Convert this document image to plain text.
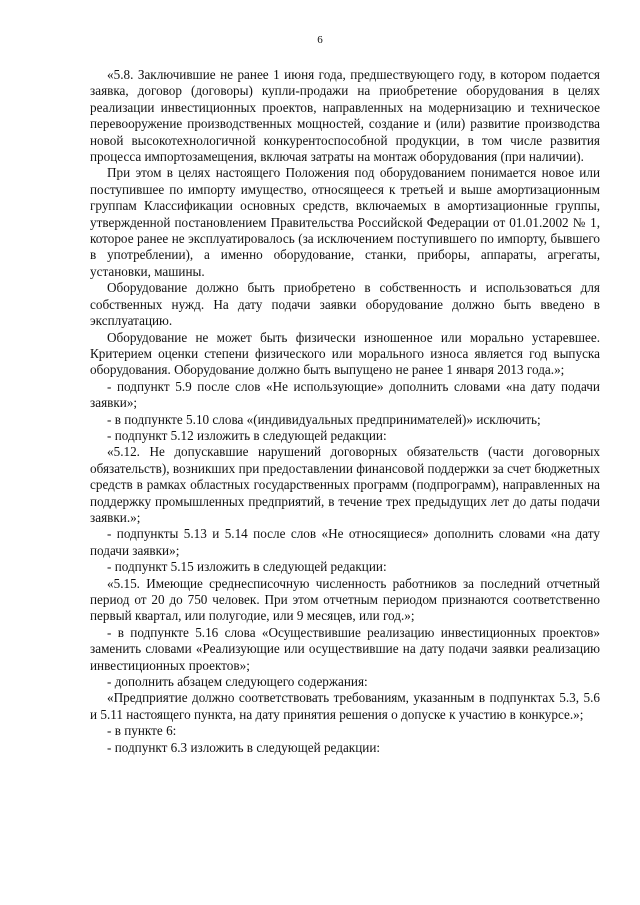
6

«5.8. Заключившие не ранее 1 июня года, предшествующего году, в котором подается заявка, договор (договоры) купли-продажи на приобретение оборудования в целях реализации инвестиционных проектов, направленных на модернизацию и техническое перевооружение производственных мощностей, создание и (или) развитие производства новой высокотехнологичной конкурентоспособной продукции, в том числе развития процесса импортозамещения, включая затраты на монтаж оборудования (при наличии).

При этом в целях настоящего Положения под оборудованием понимается новое или поступившее по импорту имущество, относящееся к третьей и выше амортизационным группам Классификации основных средств, включаемых в амортизационные группы, утвержденной постановлением Правительства Российской Федерации от 01.01.2002 № 1, которое ранее не эксплуатировалось (за исключением поступившего по импорту, бывшего в употреблении), а именно оборудование, станки, приборы, аппараты, агрегаты, установки, машины.

Оборудование должно быть приобретено в собственность и использоваться для собственных нужд. На дату подачи заявки оборудование должно быть введено в эксплуатацию.

Оборудование не может быть физически изношенное или морально устаревшее. Критерием оценки степени физического или морального износа является год выпуска оборудования. Оборудование должно быть выпущено не ранее 1 января 2013 года.»;

- подпункт 5.9 после слов «Не использующие» дополнить словами «на дату подачи заявки»;

- в подпункте 5.10 слова «(индивидуальных предпринимателей)» исключить;

- подпункт 5.12 изложить в следующей редакции:

«5.12. Не допускавшие нарушений договорных обязательств (части договорных обязательств), возникших при предоставлении финансовой поддержки за счет бюджетных средств в рамках областных государственных программ (подпрограмм), направленных на поддержку промышленных предприятий, в течение трех предыдущих лет до даты подачи заявки.»;

- подпункты 5.13 и 5.14 после слов «Не относящиеся» дополнить словами «на дату подачи заявки»;

- подпункт 5.15 изложить в следующей редакции:

«5.15. Имеющие среднесписочную численность работников за последний отчетный период от 20 до 750 человек. При этом отчетным периодом признаются соответственно первый квартал, или полугодие, или 9 месяцев, или год.»;

- в подпункте 5.16 слова «Осуществившие реализацию инвестиционных проектов» заменить словами «Реализующие или осуществившие на дату подачи заявки реализацию инвестиционных проектов»;

- дополнить абзацем следующего содержания:

«Предприятие должно соответствовать требованиям, указанным в подпунктах 5.3, 5.6 и 5.11 настоящего пункта, на дату принятия решения о допуске к участию в конкурсе.»;

- в пункте 6:

- подпункт 6.3 изложить в следующей редакции:
